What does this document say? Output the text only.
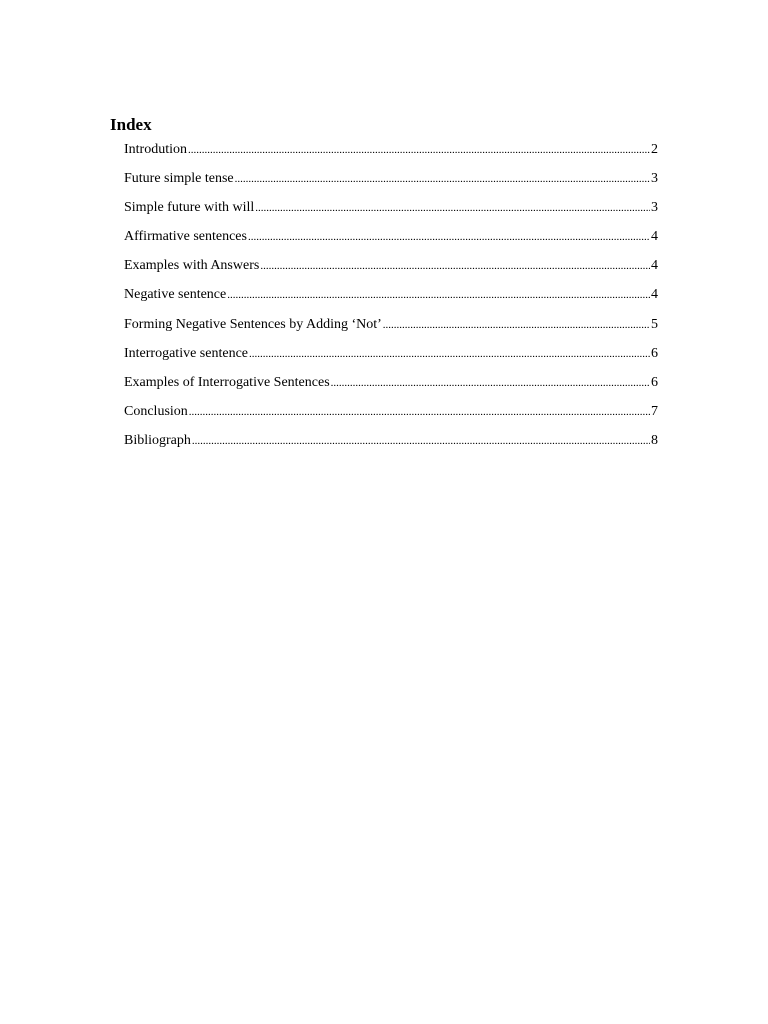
Index
Introdution .....	2
Future simple tense .....	3
Simple future with will .....	3
Affirmative sentences .....	4
Examples with Answers .....	4
Negative sentence .....	4
Forming Negative Sentences by Adding ‘Not’ .....	5
Interrogative sentence .....	6
Examples of Interrogative Sentences .....	6
Conclusion .....	7
Bibliograph .....	8
